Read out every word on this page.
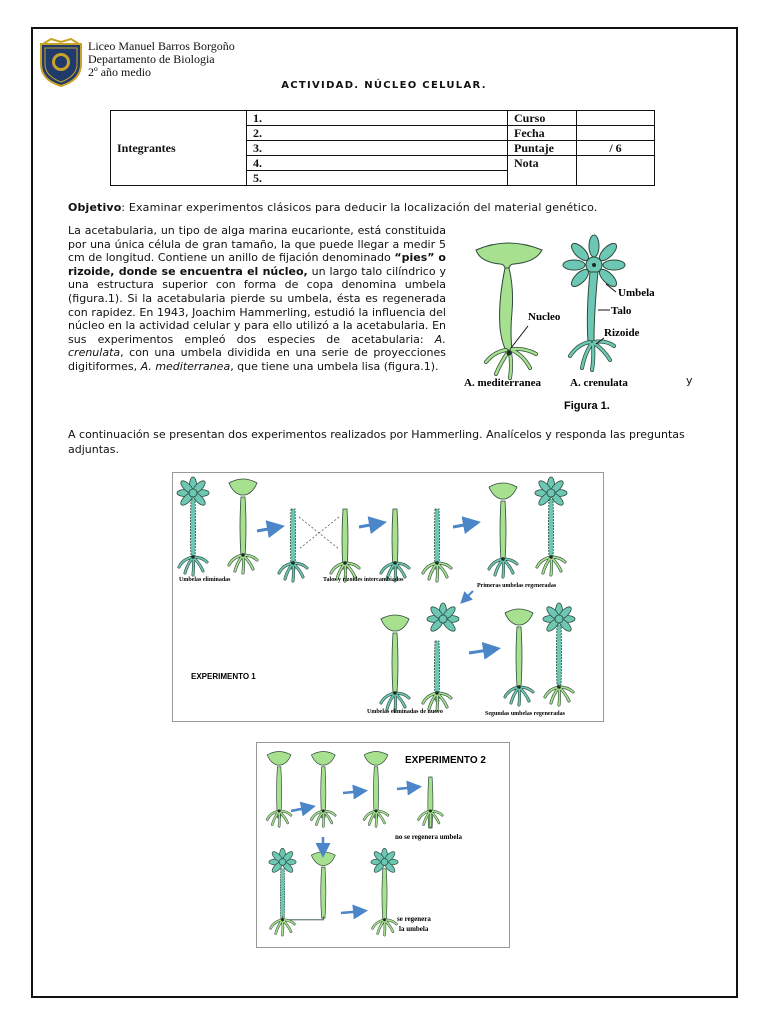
Liceo Manuel Barros Borgoño
Departamento de Biologia
2º año medio
ACTIVIDAD. NÚCLEO CELULAR.
Integrantes	1.	Curso	
	2.	Fecha	
	3.	Puntaje	/ 6
	4.	Nota	
	5.		
Objetivo: Examinar experimentos clásicos para deducir la localización del material genético.
La acetabularia, un tipo de alga marina eucarionte, está constituida por una única célula de gran tamaño, la que puede llegar a medir 5 cm de longitud. Contiene un anillo de fijación denominado “pies” o rizoide, donde se encuentra el núcleo, un largo talo cilíndrico y una estructura superior con forma de copa denomina umbela (figura.1). Si la acetabularia pierde su umbela, ésta es regenerada con rapidez. En 1943, Joachim Hammerling, estudió la influencia del núcleo en la actividad celular y para ello utilizó a la acetabularia. En sus experimentos empleó dos especies de acetabularia: A. crenulata, con una umbela dividida en una serie de proyecciones digitiformes, A. mediterranea, que tiene una umbela lisa (figura.1).
y
Umbela
Talo
Nucleo
Rizoide
A. mediterranea	A. crenulata
Figura 1.
A continuación se presentan dos experimentos realizados por Hammerling. Analícelos y responda las preguntas adjuntas.
Umbelas eliminadas	Talos y rizoides intercambiados
Primeras umbelas regeneradas
EXPERIMENTO 1
Umbelas eliminadas de nuevo	Segundas umbelas regeneradas
EXPERIMENTO 2
no se regenera umbela
se regenera
la umbela
